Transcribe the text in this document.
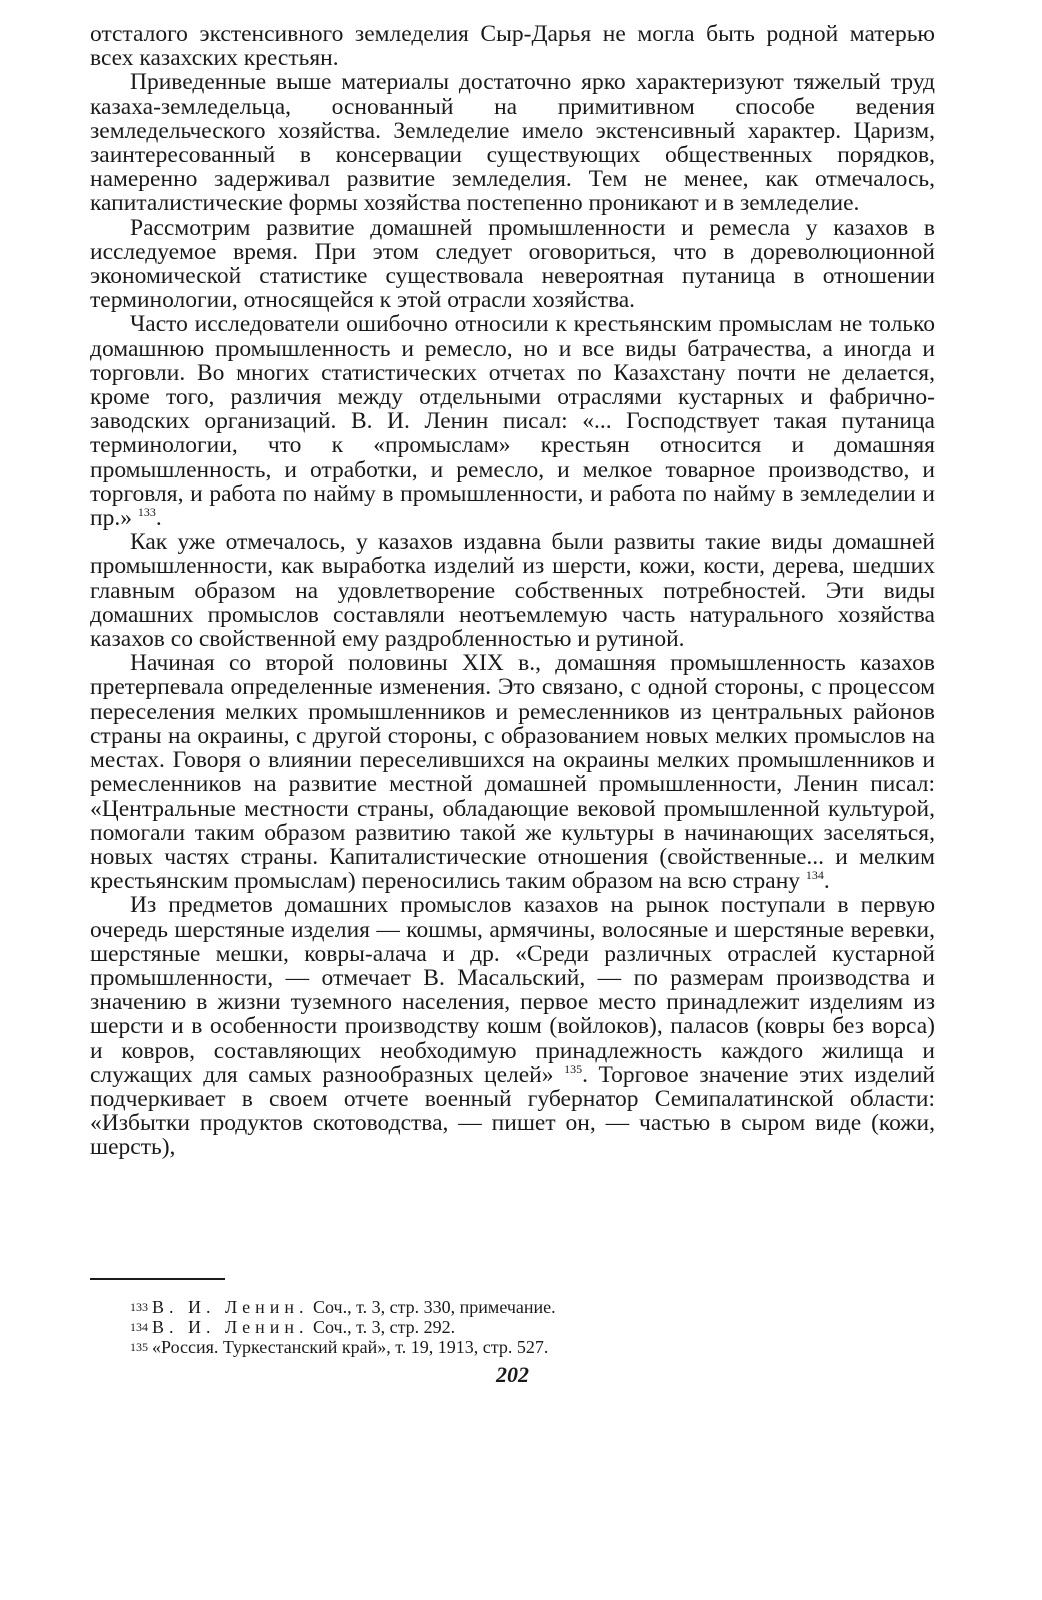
отсталого экстенсивного земледелия Сыр-Дарья не могла быть родной матерью всех казахских крестьян.

Приведенные выше материалы достаточно ярко характеризуют тяжелый труд казаха-земледельца, основанный на примитивном способе ведения земледельческого хозяйства. Земледелие имело экстенсивный характер. Царизм, заинтересованный в консервации существующих общественных порядков, намеренно задерживал развитие земледелия. Тем не менее, как отмечалось, капиталистические формы хозяйства постепенно проникают и в земледелие.

Рассмотрим развитие домашней промышленности и ремесла у казахов в исследуемое время. При этом следует оговориться, что в дореволюционной экономической статистике существовала невероятная путаница в отношении терминологии, относящейся к этой отрасли хозяйства.

Часто исследователи ошибочно относили к крестьянским промыслам не только домашнюю промышленность и ремесло, но и все виды батрачества, а иногда и торговли. Во многих статистических отчетах по Казахстану почти не делается, кроме того, различия между отдельными отраслями кустарных и фабрично-заводских организаций. В. И. Ленин писал: «... Господствует такая путаница терминологии, что к «промыслам» крестьян относится и домашняя промышленность, и отработки, и ремесло, и мелкое товарное производство, и торговля, и работа по найму в промышленности, и работа по найму в земледелии и пр.» $^{133}$.

Как уже отмечалось, у казахов издавна были развиты такие виды домашней промышленности, как выработка изделий из шерсти, кожи, кости, дерева, шедших главным образом на удовлетворение собственных потребностей. Эти виды домашних промыслов составляли неотъемлемую часть натурального хозяйства казахов со свойственной ему раздробленностью и рутиной.

Начиная со второй половины XIX в., домашняя промышленность казахов претерпевала определенные изменения. Это связано, с одной стороны, с процессом переселения мелких промышленников и ремесленников из центральных районов страны на окраины, с другой стороны, с образованием новых мелких промыслов на местах. Говоря о влиянии переселившихся на окраины мелких промышленников и ремесленников на развитие местной домашней промышленности, Ленин писал: «Центральные местности страны, обладающие вековой промышленной культурой, помогали таким образом развитию такой же культуры в начинающих заселяться, новых частях страны. Капиталистические отношения (свойственные... и мелким крестьянским промыслам) переносились таким образом на всю страну $^{134}$.

Из предметов домашних промыслов казахов на рынок поступали в первую очередь шерстяные изделия — кошмы, армячины, волосяные и шерстяные веревки, шерстяные мешки, ковры-алача и др. «Среди различных отраслей кустарной промышленности, — отмечает В. Масальский, — по размерам производства и значению в жизни туземного населения, первое место принадлежит изделиям из шерсти и в особенности производству кошм (войлоков), паласов (ковры без ворса) и ковров, составляющих необходимую принадлежность каждого жилища и служащих для самых разнообразных целей» $^{135}$. Торговое значение этих изделий подчеркивает в своем отчете военный губернатор Семипалатинской области: «Избытки продуктов скотоводства, — пишет он, — частью в сыром виде (кожи, шерсть),

$^{133}$ В. И. Ленин. Соч., т. 3, стр. 330, примечание.

$^{134}$ В. И. Ленин. Соч., т. 3, стр. 292.

$^{135}$ «Россия. Туркестанский край», т. 19, 1913, стр. 527.

202
